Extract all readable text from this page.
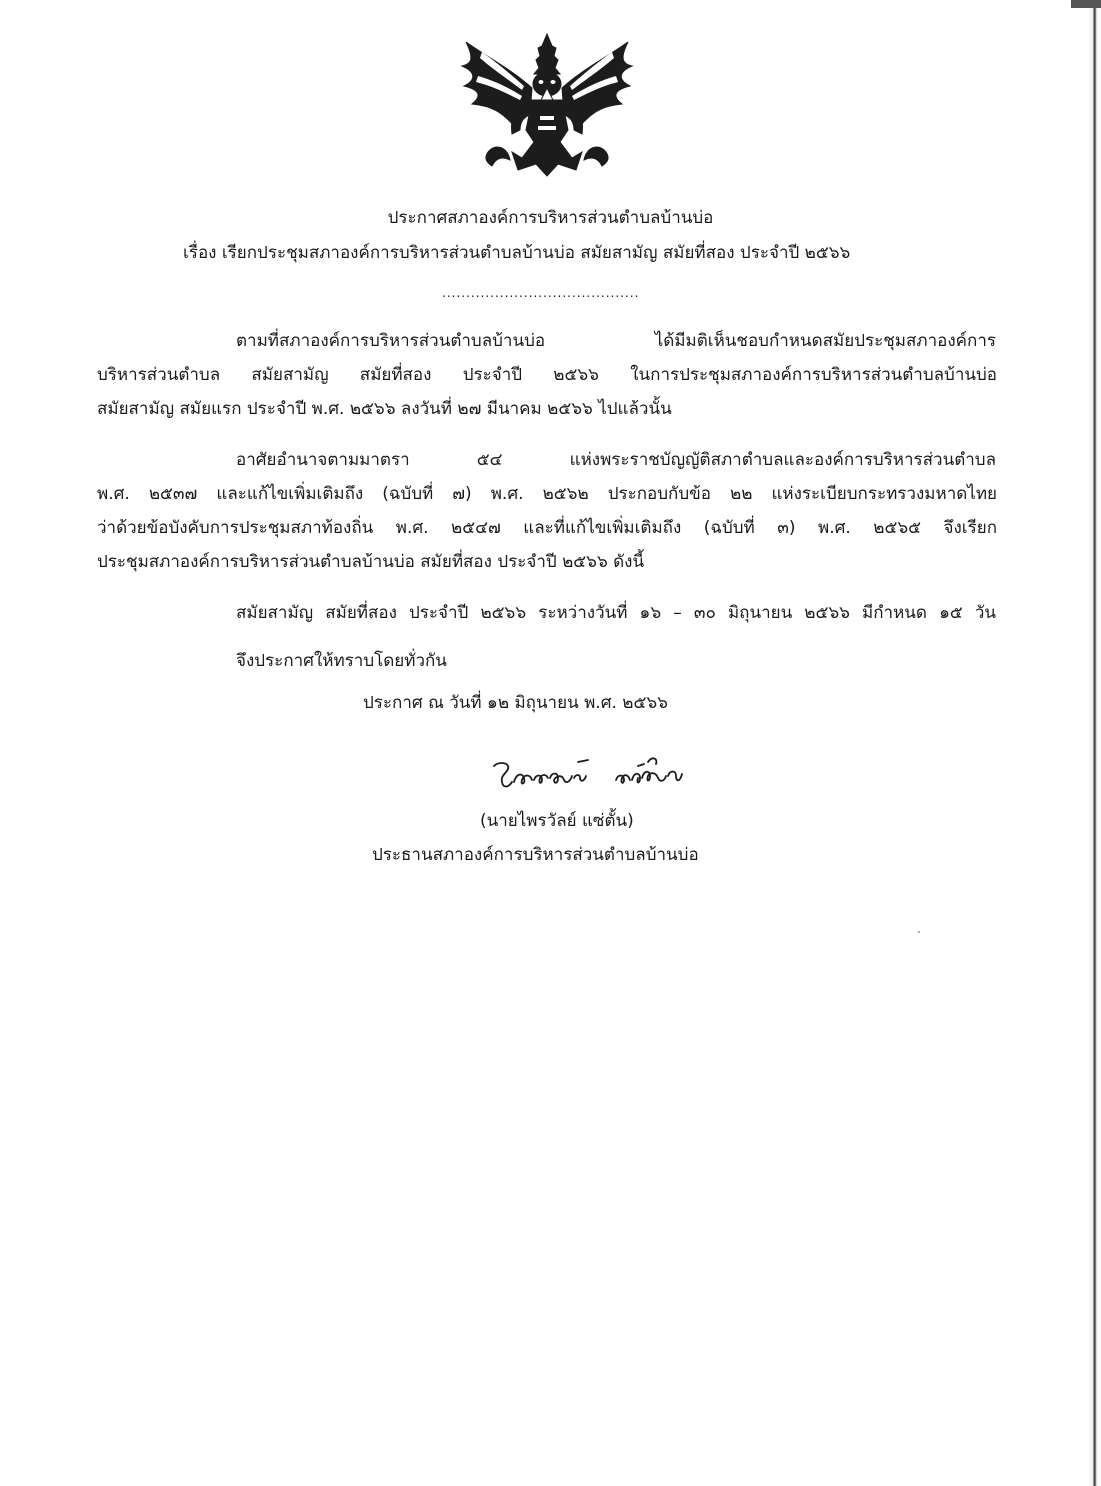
ประกาศสภาองค์การบริหารส่วนตำบลบ้านบ่อ
เรื่อง เรียกประชุมสภาองค์การบริหารส่วนตำบลบ้านบ่อ สมัยสามัญ สมัยที่สอง ประจำปี ๒๕๖๖
.........................................
ตามที่สภาองค์การบริหารส่วนตำบลบ้านบ่อ ได้มีมติเห็นชอบกำหนดสมัยประชุมสภาองค์การ
บริหารส่วนตำบล สมัยสามัญ สมัยที่สอง ประจำปี ๒๕๖๖ ในการประชุมสภาองค์การบริหารส่วนตำบลบ้านบ่อ
สมัยสามัญ สมัยแรก ประจำปี พ.ศ. ๒๕๖๖ ลงวันที่ ๒๗ มีนาคม ๒๕๖๖ ไปแล้วนั้น
อาศัยอำนาจตามมาตรา ๕๔ แห่งพระราชบัญญัติสภาตำบลและองค์การบริหารส่วนตำบล
พ.ศ. ๒๕๓๗ และแก้ไขเพิ่มเติมถึง (ฉบับที่ ๗) พ.ศ. ๒๕๖๒ ประกอบกับข้อ ๒๒ แห่งระเบียบกระทรวงมหาดไทย
ว่าด้วยข้อบังคับการประชุมสภาท้องถิ่น พ.ศ. ๒๕๔๗ และที่แก้ไขเพิ่มเติมถึง (ฉบับที่ ๓) พ.ศ. ๒๕๖๕ จึงเรียก
ประชุมสภาองค์การบริหารส่วนตำบลบ้านบ่อ สมัยที่สอง ประจำปี ๒๕๖๖ ดังนี้
สมัยสามัญ สมัยที่สอง ประจำปี ๒๕๖๖ ระหว่างวันที่ ๑๖ – ๓๐ มิถุนายน ๒๕๖๖ มีกำหนด ๑๕ วัน
จึงประกาศให้ทราบโดยทั่วกัน
ประกาศ ณ วันที่ ๑๒ มิถุนายน พ.ศ. ๒๕๖๖
(นายไพรวัลย์ แซ่ตั้น)
ประธานสภาองค์การบริหารส่วนตำบลบ้านบ่อ
